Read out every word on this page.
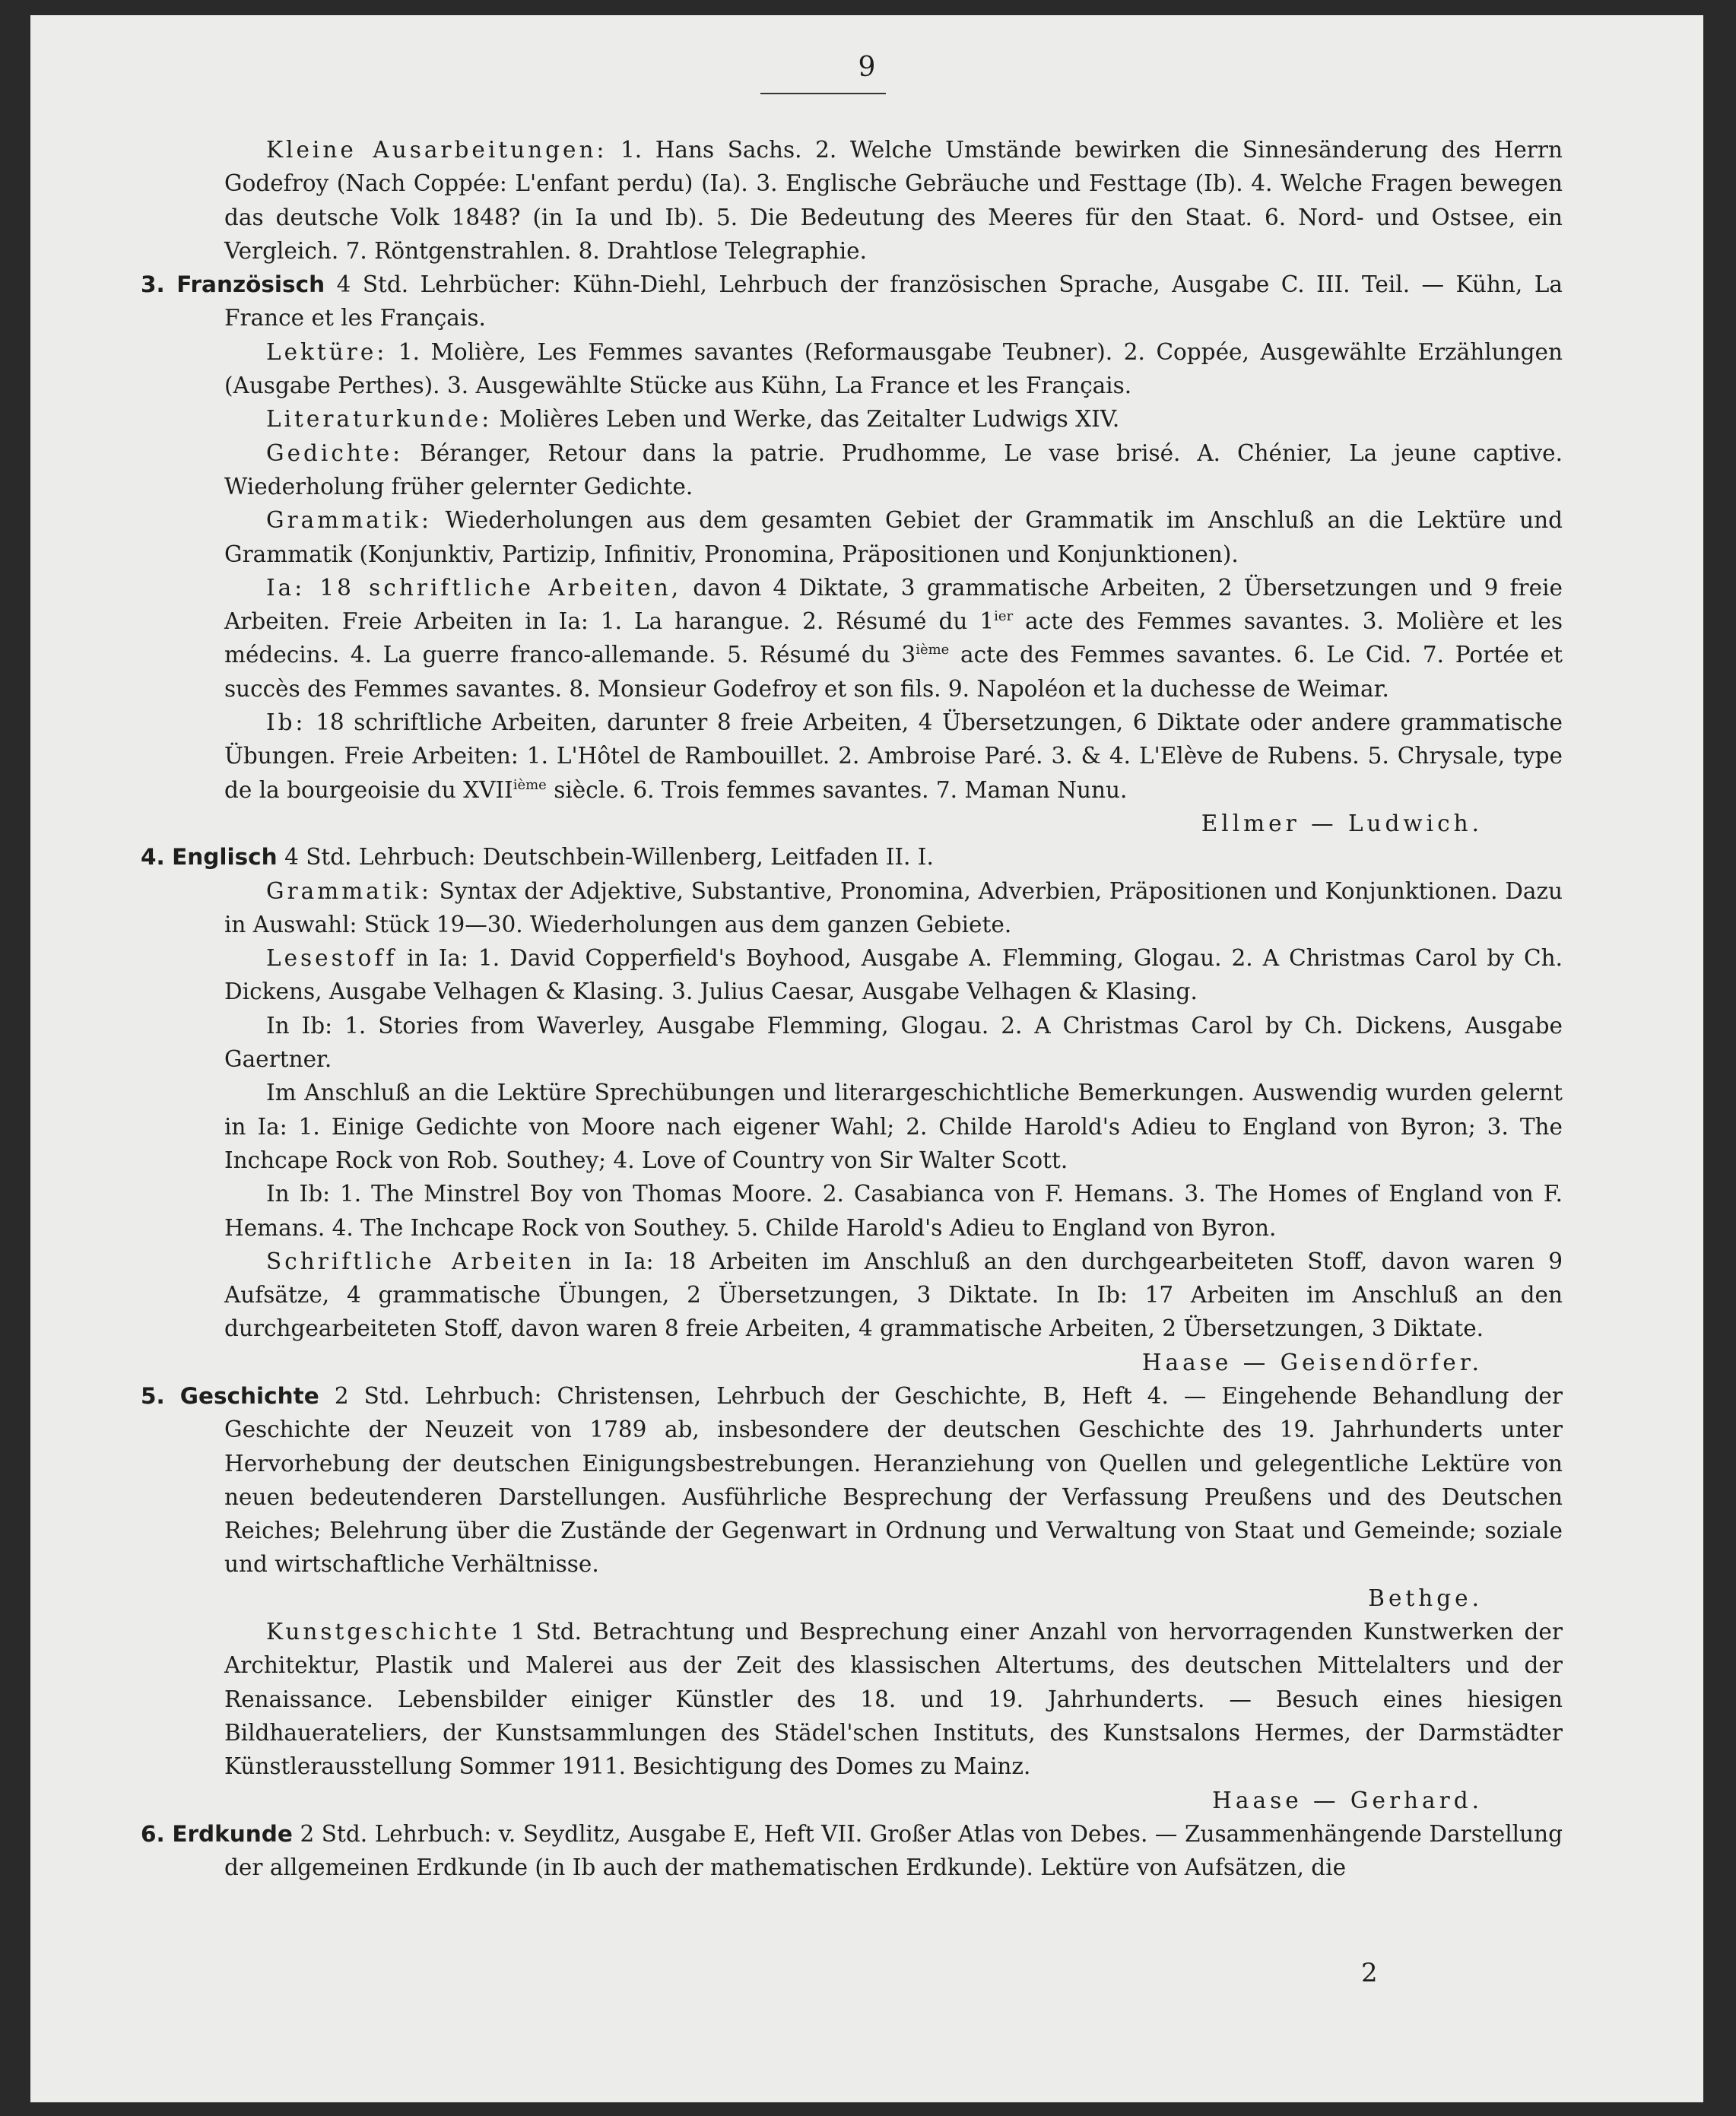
9

Kleine Ausarbeitungen: 1. Hans Sachs. 2. Welche Umstände bewirken die Sinnesänderung des Herrn Godefroy (Nach Coppée: L'enfant perdu) (Ia). 3. Englische Gebräuche und Festtage (Ib). 4. Welche Fragen bewegen das deutsche Volk 1848? (in Ia und Ib). 5. Die Bedeutung des Meeres für den Staat. 6. Nord- und Ostsee, ein Vergleich. 7. Röntgenstrahlen. 8. Drahtlose Telegraphie.

3. Französisch 4 Std. Lehrbücher: Kühn-Diehl, Lehrbuch der französischen Sprache, Ausgabe C. III. Teil. — Kühn, La France et les Français.

Lektüre: 1. Molière, Les Femmes savantes (Reformausgabe Teubner). 2. Coppée, Ausgewählte Erzählungen (Ausgabe Perthes). 3. Ausgewählte Stücke aus Kühn, La France et les Français.

Literaturkunde: Molières Leben und Werke, das Zeitalter Ludwigs XIV.

Gedichte: Béranger, Retour dans la patrie. Prudhomme, Le vase brisé. A. Chénier, La jeune captive. Wiederholung früher gelernter Gedichte.

Grammatik: Wiederholungen aus dem gesamten Gebiet der Grammatik im Anschluß an die Lektüre und Grammatik (Konjunktiv, Partizip, Infinitiv, Pronomina, Präpositionen und Konjunktionen).

Ia: 18 schriftliche Arbeiten, davon 4 Diktate, 3 grammatische Arbeiten, 2 Übersetzungen und 9 freie Arbeiten. Freie Arbeiten in Ia: 1. La harangue. 2. Résumé du $1^{ier}$ acte des Femmes savantes. 3. Molière et les médecins. 4. La guerre franco-allemande. 5. Résumé du 3ième acte des Femmes savantes. 6. Le Cid. 7. Portée et succès des Femmes savantes. 8. Monsieur Godefroy et son fils. 9. Napoléon et la duchesse de Weimar.

Ib: 18 schriftliche Arbeiten, darunter 8 freie Arbeiten, 4 Übersetzungen, 6 Diktate oder andere grammatische Übungen. Freie Arbeiten: 1. L'Hôtel de Rambouillet. 2. Ambroise Paré. 3. & 4. L'Elève de Rubens. 5. Chrysale, type de la bourgeoisie du XVIIième siècle. 6. Trois femmes savantes. 7. Maman Nunu.

Ellmer — Ludwich.

4. Englisch 4 Std. Lehrbuch: Deutschbein-Willenberg, Leitfaden II. I.

Grammatik: Syntax der Adjektive, Substantive, Pronomina, Adverbien, Präpositionen und Konjunktionen. Dazu in Auswahl: Stück 19—30. Wiederholungen aus dem ganzen Gebiete.

Lesestoff in Ia: 1. David Copperfield's Boyhood, Ausgabe A. Flemming, Glogau. 2. A Christmas Carol by Ch. Dickens, Ausgabe Velhagen & Klasing. 3. Julius Caesar, Ausgabe Velhagen & Klasing.

In Ib: 1. Stories from Waverley, Ausgabe Flemming, Glogau. 2. A Christmas Carol by Ch. Dickens, Ausgabe Gaertner.

Im Anschluß an die Lektüre Sprechübungen und literargeschichtliche Bemerkungen. Auswendig wurden gelernt in Ia: 1. Einige Gedichte von Moore nach eigener Wahl; 2. Childe Harold's Adieu to England von Byron; 3. The Inchcape Rock von Rob. Southey; 4. Love of Country von Sir Walter Scott.

In Ib: 1. The Minstrel Boy von Thomas Moore. 2. Casabianca von F. Hemans. 3. The Homes of England von F. Hemans. 4. The Inchcape Rock von Southey. 5. Childe Harold's Adieu to England von Byron.

Schriftliche Arbeiten in Ia: 18 Arbeiten im Anschluß an den durchgearbeiteten Stoff, davon waren 9 Aufsätze, 4 grammatische Übungen, 2 Übersetzungen, 3 Diktate. In Ib: 17 Arbeiten im Anschluß an den durchgearbeiteten Stoff, davon waren 8 freie Arbeiten, 4 grammatische Arbeiten, 2 Übersetzungen, 3 Diktate.

Haase — Geisendörfer.

5. Geschichte 2 Std. Lehrbuch: Christensen, Lehrbuch der Geschichte, B, Heft 4. — Eingehende Behandlung der Geschichte der Neuzeit von 1789 ab, insbesondere der deutschen Geschichte des 19. Jahrhunderts unter Hervorhebung der deutschen Einigungsbestrebungen. Heranziehung von Quellen und gelegentliche Lektüre von neuen bedeutenderen Darstellungen. Ausführliche Besprechung der Verfassung Preußens und des Deutschen Reiches; Belehrung über die Zustände der Gegenwart in Ordnung und Verwaltung von Staat und Gemeinde; soziale und wirtschaftliche Verhältnisse.

Bethge.

Kunstgeschichte 1 Std. Betrachtung und Besprechung einer Anzahl von hervorragenden Kunstwerken der Architektur, Plastik und Malerei aus der Zeit des klassischen Altertums, des deutschen Mittelalters und der Renaissance. Lebensbilder einiger Künstler des 18. und 19. Jahrhunderts. — Besuch eines hiesigen Bildhauerateliers, der Kunstsammlungen des Städel'schen Instituts, des Kunstsalons Hermes, der Darmstädter Künstlerausstellung Sommer 1911. Besichtigung des Domes zu Mainz.

Haase — Gerhard.

6. Erdkunde 2 Std. Lehrbuch: v. Seydlitz, Ausgabe E, Heft VII. Großer Atlas von Debes. — Zusammenhängende Darstellung der allgemeinen Erdkunde (in Ib auch der mathematischen Erdkunde). Lektüre von Aufsätzen, die

2
